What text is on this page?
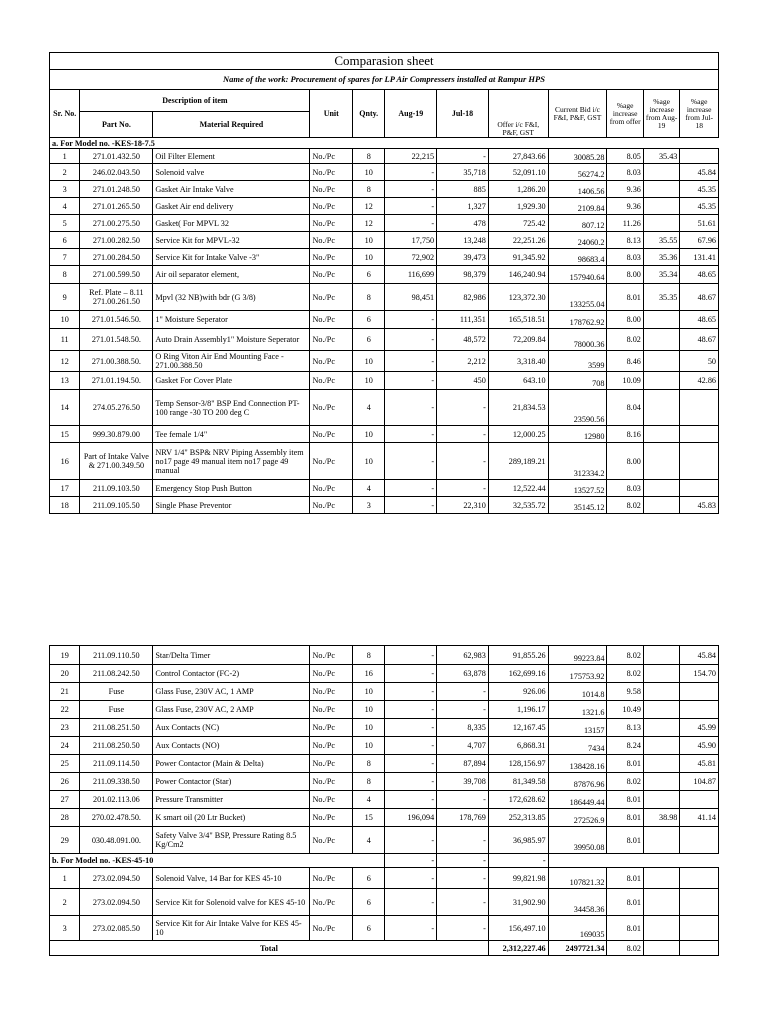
Comparasion sheet											
Name of the work: Procurement of spares for LP Air Compressers installed at Rampur HPS											
Sr. No.	Description of item		Unit	Qnty.	Aug-19	Jul-18	Offer i/c F&I, P&F, GST	Current Bid i/c F&I, P&F, GST	%age increase from offer	%age increase from Aug-19	%age increase from Jul-18
	Part No.	Material Required									
a. For Model no. -KES-18-7.5											
1	271.01.432.50	Oil Filter Element	No./Pc	8	22,215	-	27,843.66	30085.28	8.05	35.43	
2	246.02.043.50	Solenoid valve	No./Pc	10	-	35,718	52,091.10	56274.2	8.03		45.84
3	271.01.248.50	Gasket Air Intake Valve	No./Pc	8	-	885	1,286.20	1406.56	9.36		45.35
4	271.01.265.50	Gasket Air end delivery	No./Pc	12	-	1,327	1,929.30	2109.84	9.36		45.35
5	271.00.275.50	Gasket( For MPVL 32	No./Pc	12	-	478	725.42	807.12	11.26		51.61
6	271.00.282.50	Service Kit for MPVL-32	No./Pc	10	17,750	13,248	22,251.26	24060.2	8.13	35.55	67.96
7	271.00.284.50	Service Kit for Intake Valve -3"	No./Pc	10	72,902	39,473	91,345.92	98683.4	8.03	35.36	131.41
8	271.00.599.50	Air oil separator element,	No./Pc	6	116,699	98,379	146,240.94	157940.64	8.00	35.34	48.65
9	Ref. Plate – 8.11 271.00.261.50	Mpvl (32 NB)with bdr (G 3/8)	No./Pc	8	98,451	82,986	123,372.30	133255.04	8.01	35.35	48.67
10	271.01.546.50.	1" Moisture Seperator	No./Pc	6	-	111,351	165,518.51	178762.92	8.00		48.65
11	271.01.548.50.	Auto Drain Assembly1" Moisture Seperator	No./Pc	6	-	48,572	72,209.84	78000.36	8.02		48.67
12	271.00.388.50.	O Ring Viton Air End Mounting Face - 271.00.388.50	No./Pc	10	-	2,212	3,318.40	3599	8.46		50
13	271.01.194.50.	Gasket For Cover Plate	No./Pc	10	-	450	643.10	708	10.09		42.86
14	274.05.276.50	Temp Sensor-3/8" BSP End Connection PT-100 range -30 TO 200 deg C	No./Pc	4	-	-	21,834.53	23590.56	8.04		
15	999.30.879.00	Tee female 1/4"	No./Pc	10	-	-	12,000.25	12980	8.16		
16	Part of Intake Valve & 271.00.349.50	NRV 1/4" BSP& NRV Piping Assembly item no17 page 49 manual item no17 page 49 manual	No./Pc	10	-	-	289,189.21	312334.2	8.00		
17	211.09.103.50	Emergency Stop Push Button	No./Pc	4	-	-	12,522.44	13527.52	8.03		
18	211.09.105.50	Single Phase Preventor	No./Pc	3	-	22,310	32,535.72	35145.12	8.02		45.83
19	211.09.110.50	Star/Delta Timer	No./Pc	8	-	62,983	91,855.26	99223.84	8.02		45.84
20	211.08.242.50	Control Contactor (FC-2)	No./Pc	16	-	63,878	162,699.16	175753.92	8.02		154.70
21	Fuse	Glass Fuse, 230V AC, 1 AMP	No./Pc	10	-	-	926.06	1014.8	9.58		
22	Fuse	Glass Fuse, 230V AC, 2 AMP	No./Pc	10	-	-	1,196.17	1321.6	10.49		
23	211.08.251.50	Aux Contacts (NC)	No./Pc	10	-	8,335	12,167.45	13157	8.13		45.99
24	211.08.250.50	Aux Contacts (NO)	No./Pc	10	-	4,707	6,868.31	7434	8.24		45.90
25	211.09.114.50	Power Contactor (Main & Delta)	No./Pc	8	-	87,894	128,156.97	138428.16	8.01		45.81
26	211.09.338.50	Power Contactor (Star)	No./Pc	8	-	39,708	81,349.58	87876.96	8.02		104.87
27	201.02.113.06	Pressure Transmitter	No./Pc	4	-	-	172,628.62	186449.44	8.01		
28	270.02.478.50.	K smart oil (20 Ltr Bucket)	No./Pc	15	196,094	178,769	252,313.85	272526.9	8.01	38.98	41.14
29	030.48.091.00.	Safety Valve 3/4" BSP, Pressure Rating 8.5 Kg/Cm2	No./Pc	4	-	-	36,985.97	39950.08	8.01		
b. For Model no. -KES-45-10					-	-	-				
1	273.02.094.50	Solenoid Valve, 14 Bar for KES 45-10	No./Pc	6	-	-	99,821.98	107821.32	8.01		
2	273.02.094.50	Service Kit for Solenoid valve for KES 45-10	No./Pc	6	-	-	31,902.90	34458.36	8.01		
3	273.02.085.50	Service Kit for Air Intake Valve for KES 45-10	No./Pc	6	-	-	156,497.10	169035	8.01		
Total							2,312,227.46	2497721.34	8.02		
